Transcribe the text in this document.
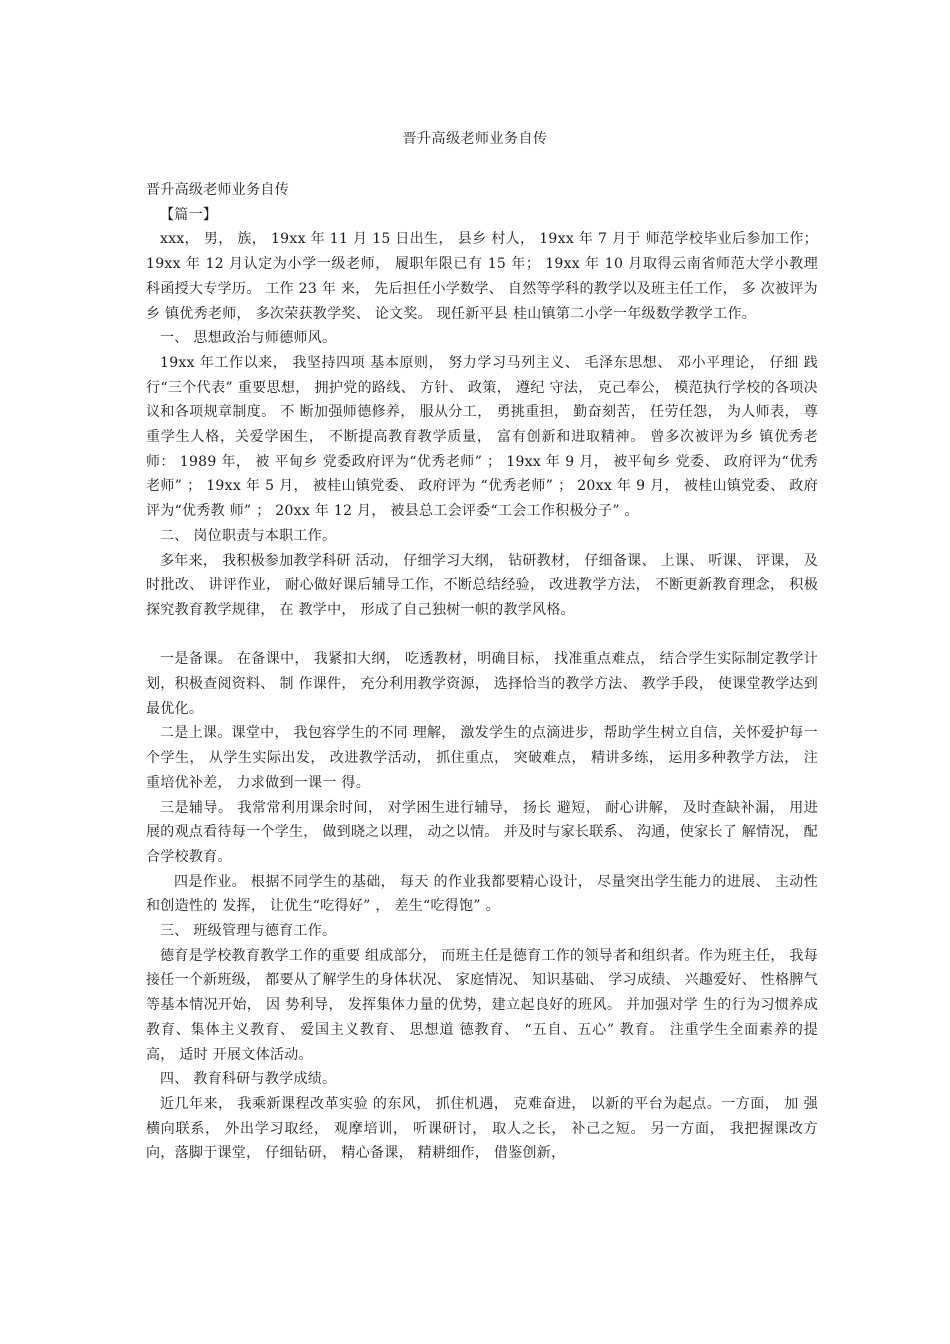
晋升高级老师业务自传

晋升高级老师业务自传

【篇一】

xxx， 男， 族， 19xx 年 11 月 15 日出生， 县乡 村人， 19xx 年 7 月于 师范学校毕业后参加工作；19xx 年 12 月认定为小学一级老师， 履职年限已有 15 年； 19xx 年 10 月取得云南省师范大学小教理科函授大专学历。 工作 23 年 来， 先后担任小学数学、 自然等学科的教学以及班主任工作， 多 次被评为乡 镇优秀老师， 多次荣获教学奖、 论文奖。 现任新平县 桂山镇第二小学一年级数学教学工作。

一、 思想政治与师德师风。

19xx 年工作以来， 我坚持四项 基本原则， 努力学习马列主义、 毛泽东思想、 邓小平理论， 仔细 践行“三个代表” 重要思想， 拥护党的路线、 方针、 政策， 遵纪 守法， 克己奉公， 模范执行学校的各项决议和各项规章制度。 不 断加强师德修养， 服从分工， 勇挑重担， 勤奋刻苦， 任劳任怨， 为人师表， 尊重学生人格，关爱学困生， 不断提高教育教学质量， 富有创新和进取精神。 曾多次被评为乡 镇优秀老师： 1989 年， 被 平甸乡 党委政府评为“优秀老师” ； 19xx 年 9 月， 被平甸乡 党委、 政府评为“优秀老师” ； 19xx 年 5 月， 被桂山镇党委、 政府评为 “优秀老师” ； 20xx 年 9 月， 被桂山镇党委、 政府评为“优秀教 师” ； 20xx 年 12 月， 被县总工会评委“工会工作积极分子” 。

二、 岗位职责与本职工作。

多年来， 我积极参加教学科研 活动， 仔细学习大纲， 钻研教材， 仔细备课、 上课、 听课、 评课， 及时批改、 讲评作业， 耐心做好课后辅导工作，不断总结经验， 改进教学方法， 不断更新教育理念， 积极探究教育教学规律， 在 教学中， 形成了自己独树一帜的教学风格。

一是备课。 在备课中， 我紧扣大纲， 吃透教材，明确目标， 找准重点难点， 结合学生实际制定教学计划，积极查阅资料、 制 作课件， 充分利用教学资源， 选择恰当的教学方法、 教学手段， 使课堂教学达到最优化。

二是上课。课堂中， 我包容学生的不同 理解， 激发学生的点滴进步，帮助学生树立自信，关怀爱护每一 个学生， 从学生实际出发， 改进教学活动， 抓住重点， 突破难点， 精讲多练， 运用多种教学方法， 注重培优补差， 力求做到一课一 得。

三是辅导。 我常常利用课余时间， 对学困生进行辅导， 扬长 避短， 耐心讲解， 及时查缺补漏， 用进展的观点看待每一个学生， 做到晓之以理， 动之以情。 并及时与家长联系、 沟通，使家长了 解情况， 配合学校教育。

四是作业。 根据不同学生的基础， 每天 的作业我都要精心设计， 尽量突出学生能力的进展、 主动性和创造性的 发挥， 让优生“吃得好” ， 差生“吃得饱” 。

三、 班级管理与德育工作。

德育是学校教育教学工作的重要 组成部分， 而班主任是德育工作的领导者和组织者。作为班主任， 我每接任一个新班级， 都要从了解学生的身体状况、 家庭情况、 知识基础、 学习成绩、 兴趣爱好、 性格脾气等基本情况开始， 因 势利导， 发挥集体力量的优势，建立起良好的班风。 并加强对学 生的行为习惯养成教育、集体主义教育、 爱国主义教育、 思想道 德教育、 “五自、五心” 教育。 注重学生全面素养的提高， 适时 开展文体活动。

四、 教育科研与教学成绩。

近几年来， 我乘新课程改革实验 的东风， 抓住机遇， 克难奋进， 以新的平台为起点。一方面， 加 强横向联系， 外出学习取经， 观摩培训， 听课研讨， 取人之长， 补己之短。 另一方面， 我把握课改方向，落脚于课堂， 仔细钻研， 精心备课， 精耕细作， 借鉴创新，
